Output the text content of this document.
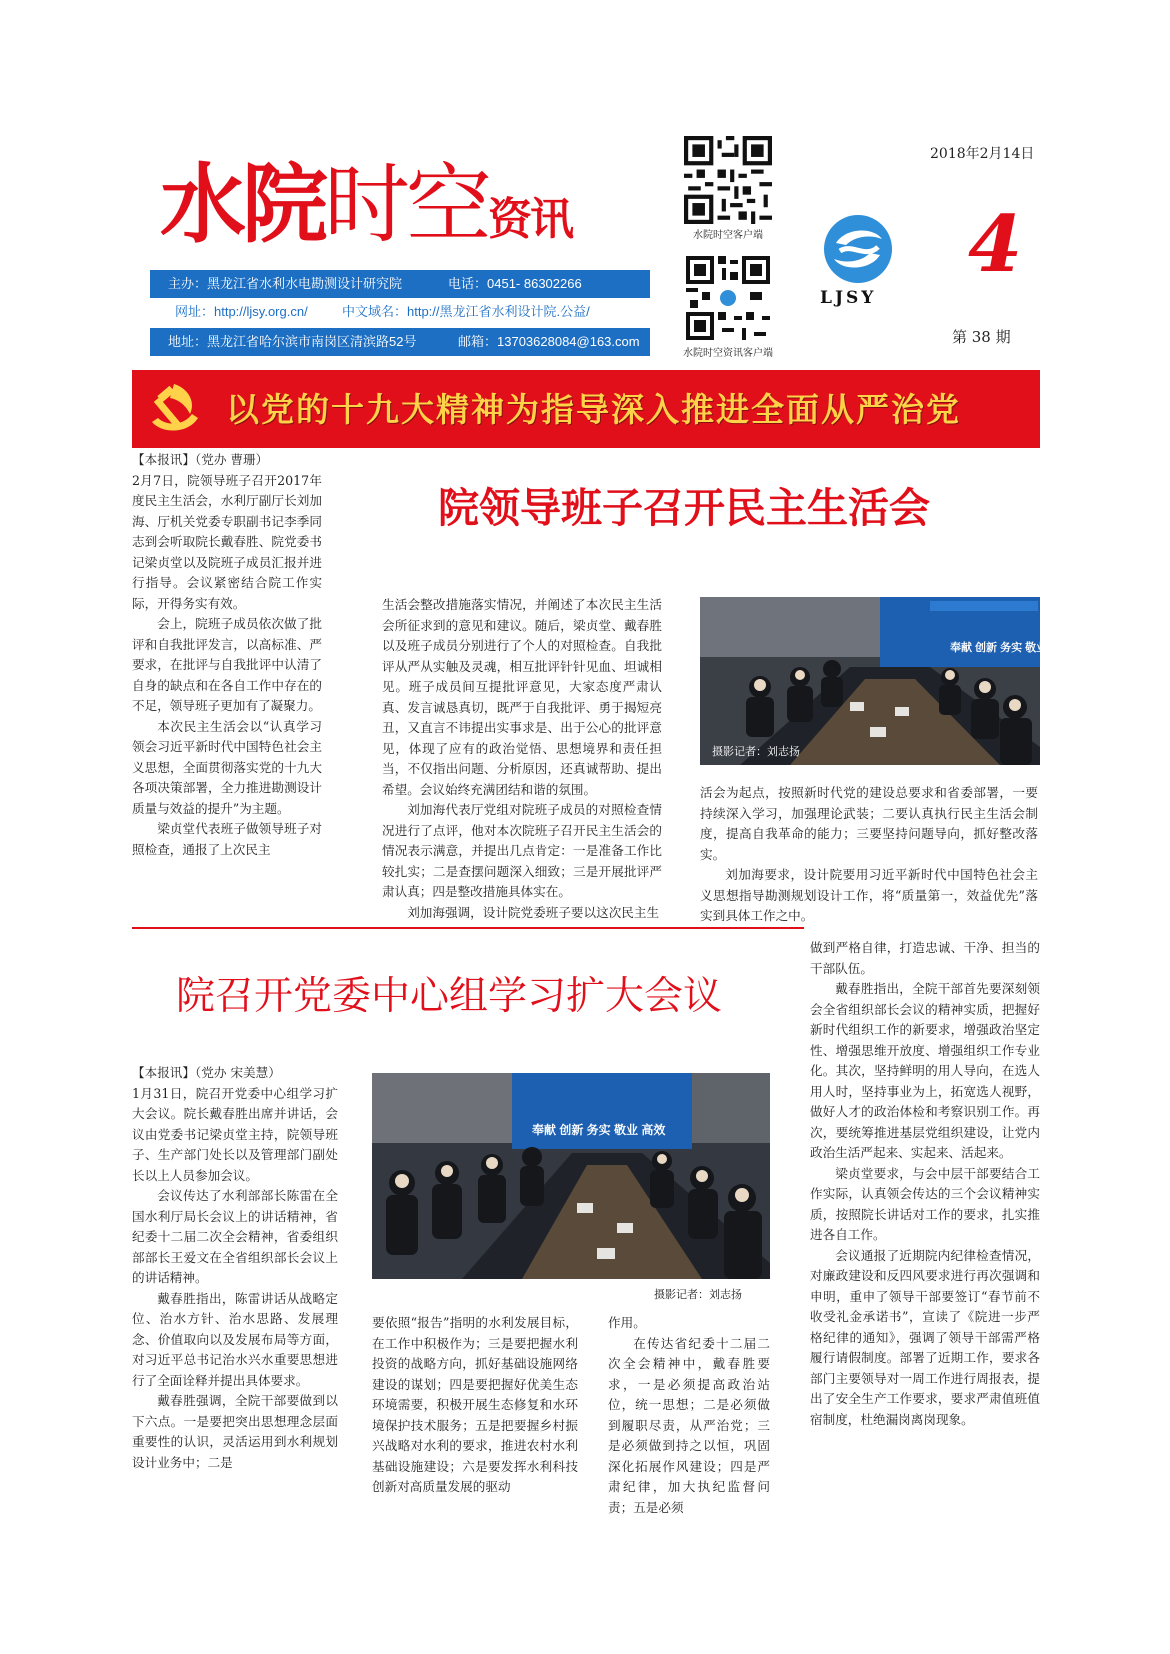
水院时空资讯
主办：黑龙江省水利水电勘测设计研究院	电话：0451- 86302266
网址：http://ljsy.org.cn/	中文域名：http://黑龙江省水利设计院.公益/
地址：黑龙江省哈尔滨市南岗区清滨路52号	邮箱：13703628084@163.com
水院时空客户端
水院时空资讯客户端
LJSY
2018年2月14日
4
第 38 期
以党的十九大精神为指导深入推进全面从严治党
院领导班子召开民主生活会

【本报讯】（党办 曹珊）

2月7日，院领导班子召开2017年度民主生活会，水利厅副厅长刘加海、厅机关党委专职副书记李季同志到会听取院长戴春胜、院党委书记梁贞堂以及院班子成员汇报并进行指导。会议紧密结合院工作实际，开得务实有效。

会上，院班子成员依次做了批评和自我批评发言，以高标准、严要求，在批评与自我批评中认清了自身的缺点和在各自工作中存在的不足，领导班子更加有了凝聚力。

本次民主生活会以“认真学习领会习近平新时代中国特色社会主义思想，全面贯彻落实党的十九大各项决策部署，全力推进勘测设计质量与效益的提升”为主题。

梁贞堂代表班子做领导班子对照检查，通报了上次民主

生活会整改措施落实情况，并阐述了本次民主生活会所征求到的意见和建议。随后，梁贞堂、戴春胜以及班子成员分别进行了个人的对照检查。自我批评从严从实触及灵魂，相互批评针针见血、坦诚相见。班子成员间互提批评意见，大家态度严肃认真、发言诚恳真切，既严于自我批评、勇于揭短亮丑，又直言不讳提出实事求是、出于公心的批评意见，体现了应有的政治觉悟、思想境界和责任担当，不仅指出问题、分析原因，还真诚帮助、提出希望。会议始终充满团结和谐的氛围。

刘加海代表厅党组对院班子成员的对照检查情况进行了点评，他对本次院班子召开民主生活会的情况表示满意，并提出几点肯定：一是准备工作比较扎实；二是查摆问题深入细致；三是开展批评严肃认真；四是整改措施具体实在。

刘加海强调，设计院党委班子要以这次民主生

奉献 创新 务实 敬业 高效
摄影记者：刘志扬

活会为起点，按照新时代党的建设总要求和省委部署，一要持续深入学习，加强理论武装；二要认真执行民主生活会制度，提高自我革命的能力；三要坚持问题导向，抓好整改落实。

刘加海要求，设计院要用习近平新时代中国特色社会主义思想指导勘测规划设计工作，将“质量第一，效益优先”落实到具体工作之中。

院召开党委中心组学习扩大会议

【本报讯】（党办 宋美慧）

1月31日，院召开党委中心组学习扩大会议。院长戴春胜出席并讲话，会议由党委书记梁贞堂主持，院领导班子、生产部门处长以及管理部门副处长以上人员参加会议。

会议传达了水利部部长陈雷在全国水利厅局长会议上的讲话精神，省纪委十二届二次全会精神，省委组织部部长王爱文在全省组织部长会议上的讲话精神。

戴春胜指出，陈雷讲话从战略定位、治水方针、治水思路、发展理念、价值取向以及发展布局等方面，对习近平总书记治水兴水重要思想进行了全面诠释并提出具体要求。

戴春胜强调，全院干部要做到以下六点。一是要把突出思想理念层面重要性的认识，灵活运用到水利规划设计业务中；二是

奉献 创新 务实 敬业 高效
摄影记者：刘志扬

要依照“报告”指明的水利发展目标，在工作中积极作为；三是要把握水利投资的战略方向，抓好基础设施网络建设的谋划；四是要把握好优美生态环境需要，积极开展生态修复和水环境保护技术服务；五是把要握乡村振兴战略对水利的要求，推进农村水利基础设施建设；六是要发挥水利科技创新对高质量发展的驱动

作用。

在传达省纪委十二届二次全会精神中，戴春胜要求，一是必须提高政治站位，统一思想；二是必须做到履职尽责，从严治党；三是必须做到持之以恒，巩固深化拓展作风建设；四是严肃纪律，加大执纪监督问责；五是必须

做到严格自律，打造忠诚、干净、担当的干部队伍。

戴春胜指出，全院干部首先要深刻领会全省组织部长会议的精神实质，把握好新时代组织工作的新要求，增强政治坚定性、增强思维开放度、增强组织工作专业化。其次，坚持鲜明的用人导向，在选人用人时，坚持事业为上，拓宽选人视野，做好人才的政治体检和考察识别工作。再次，要统筹推进基层党组织建设，让党内政治生活严起来、实起来、活起来。

梁贞堂要求，与会中层干部要结合工作实际，认真领会传达的三个会议精神实质，按照院长讲话对工作的要求，扎实推进各自工作。

会议通报了近期院内纪律检查情况，对廉政建设和反四风要求进行再次强调和申明，重申了领导干部要签订“春节前不收受礼金承诺书”，宣读了《院进一步严格纪律的通知》，强调了领导干部需严格履行请假制度。部署了近期工作，要求各部门主要领导对一周工作进行周报表，提出了安全生产工作要求，要求严肃值班值宿制度，杜绝漏岗离岗现象。
